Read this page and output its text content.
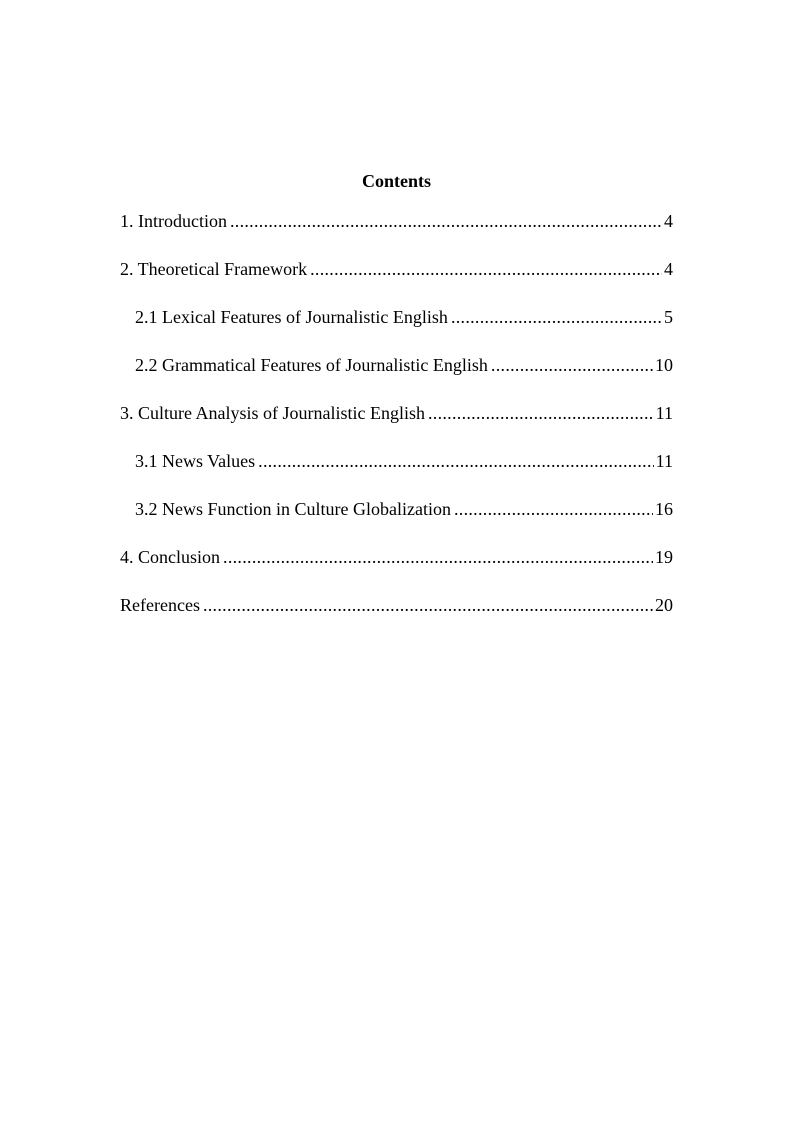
Contents
1. Introduction .....	4
2. Theoretical Framework .....	4
2.1 Lexical Features of Journalistic English .....	5
2.2 Grammatical Features of Journalistic English .....	10
3. Culture Analysis of Journalistic English .....	11
3.1 News Values .....	11
3.2 News Function in Culture Globalization .....	16
4. Conclusion .....	19
References .....	20
